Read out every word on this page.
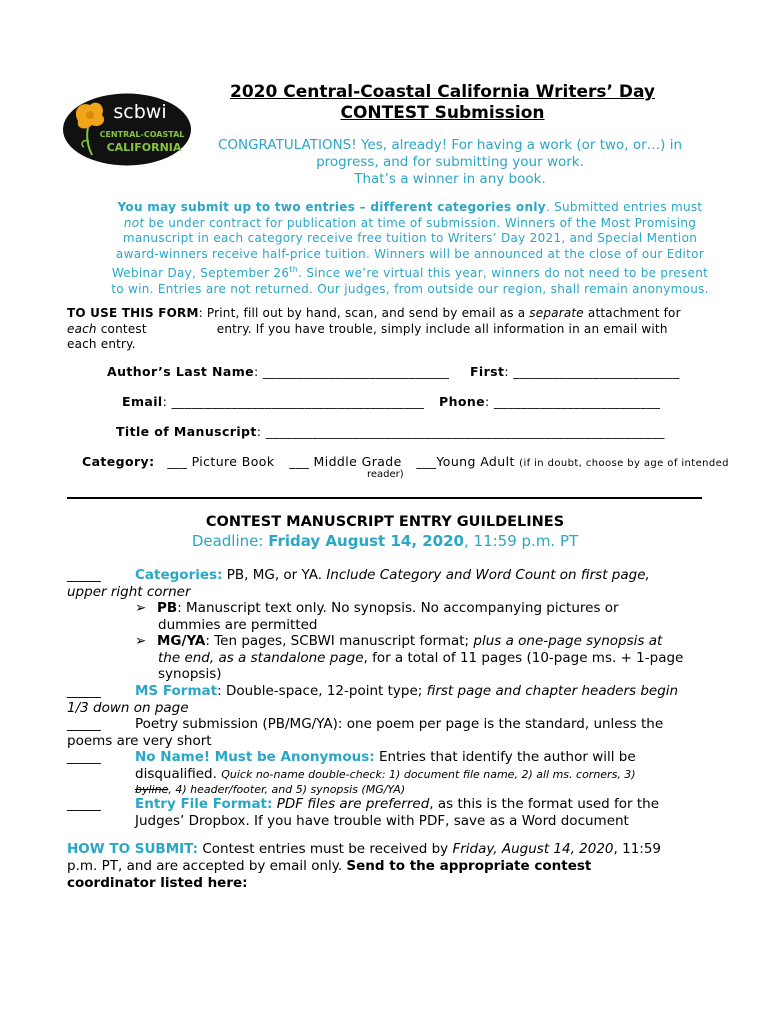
scbwi
CENTRAL-COASTAL
CALIFORNIA
2020 Central-Coastal California Writers’ Day
CONTEST Submission
CONGRATULATIONS! Yes, already! For having a work (or two, or…) in
progress, and for submitting your work.
That’s a winner in any book.
You may submit up to two entries – different categories only. Submitted entries must
not be under contract for publication at time of submission. Winners of the Most Promising
manuscript in each category receive free tuition to Writers’ Day 2021, and Special Mention
award-winners receive half-price tuition. Winners will be announced at the close of our Editor
Webinar Day, September 26th. Since we’re virtual this year, winners do not need to be present
to win. Entries are not returned. Our judges, from outside our region, shall remain anonymous.
TO USE THIS FORM: Print, fill out by hand, scan, and send by email as a separate attachment for
each contest	entry. If you have trouble, simply include all information in an email with
each entry.
Author’s Last Name: ____________________________ First: _________________________
Email: ______________________________________ Phone: _________________________
Title of Manuscript: ____________________________________________________________
Category: ___ Picture Book ___ Middle Grade ___Young Adult (if in doubt, choose by age of intended
reader)
CONTEST MANUSCRIPT ENTRY GUILDELINES
Deadline: Friday August 14, 2020, 11:59 p.m. PT
_____	Categories: PB, MG, or YA. Include Category and Word Count on first page,
upper right corner
➢ PB: Manuscript text only. No synopsis. No accompanying pictures or
dummies are permitted
➢ MG/YA: Ten pages, SCBWI manuscript format; plus a one-page synopsis at
the end, as a standalone page, for a total of 11 pages (10-page ms. + 1-page
synopsis)
_____	MS Format: Double-space, 12-point type; first page and chapter headers begin
1/3 down on page
_____	Poetry submission (PB/MG/YA): one poem per page is the standard, unless the
poems are very short
_____	No Name! Must be Anonymous: Entries that identify the author will be
disqualified. Quick no-name double-check: 1) document file name, 2) all ms. corners, 3)
byline, 4) header/footer, and 5) synopsis (MG/YA)
_____	Entry File Format: PDF files are preferred, as this is the format used for the
Judges’ Dropbox. If you have trouble with PDF, save as a Word document
HOW TO SUBMIT: Contest entries must be received by Friday, August 14, 2020, 11:59
p.m. PT, and are accepted by email only. Send to the appropriate contest
coordinator listed here:
